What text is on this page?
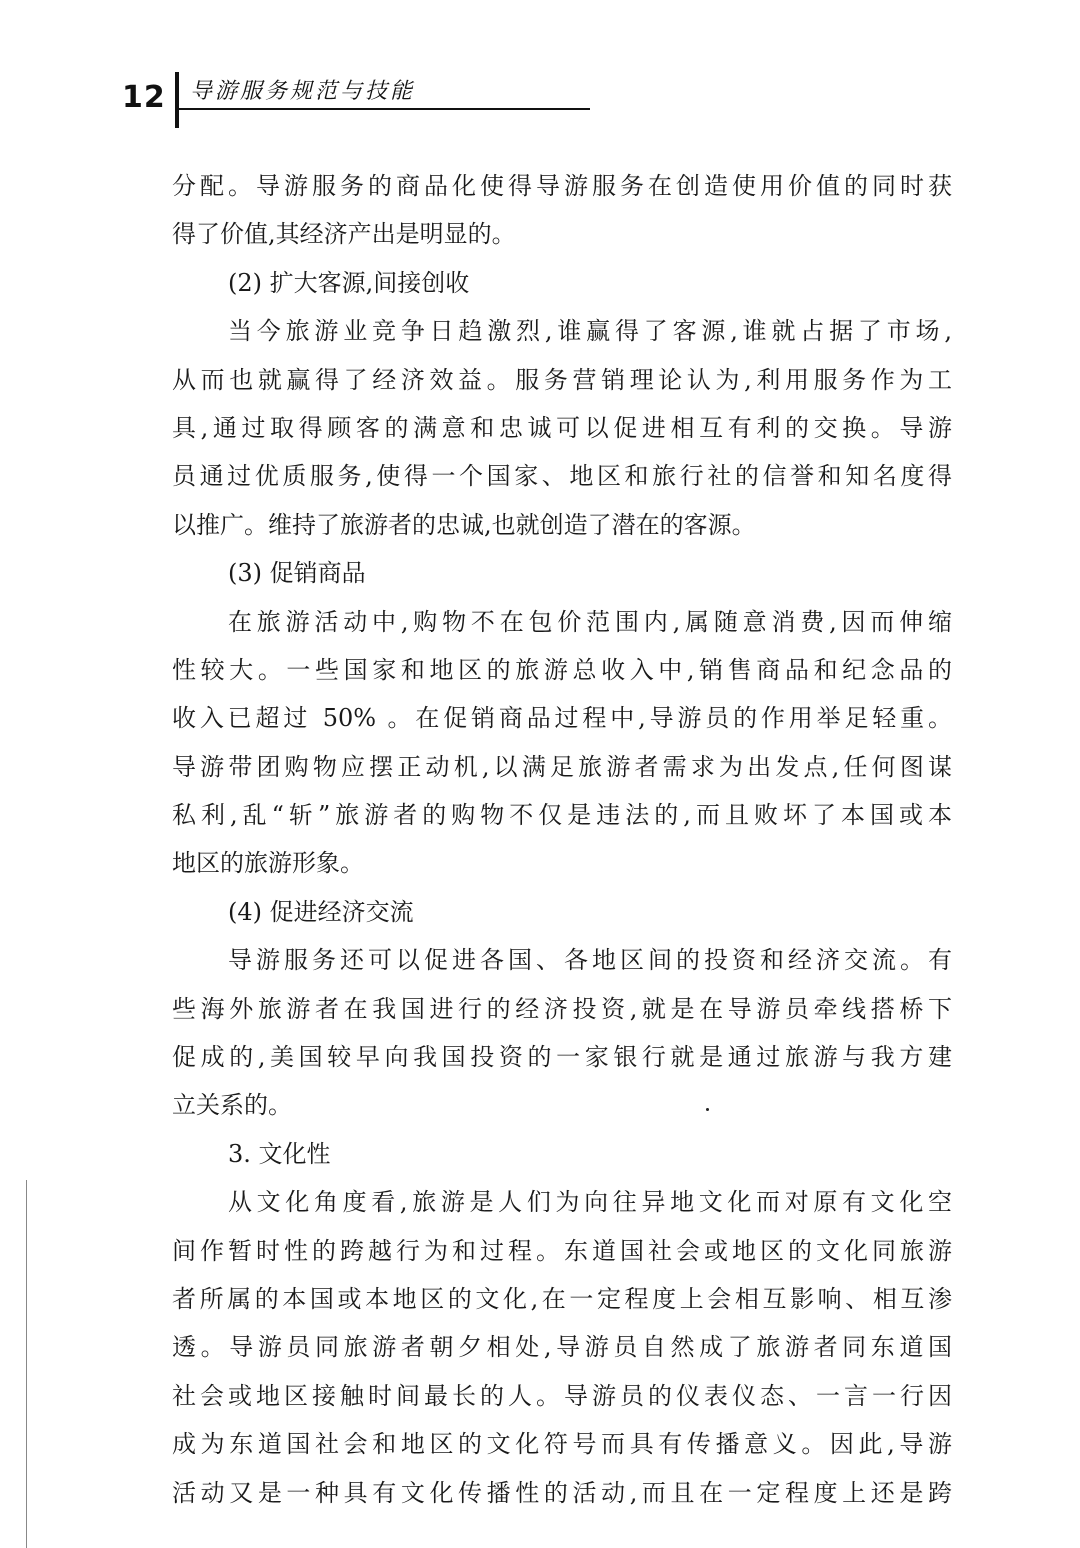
12 导游服务规范与技能
分配。导游服务的商品化使得导游服务在创造使用价值的同时获
得了价值,其经济产出是明显的。
(2) 扩大客源,间接创收
当今旅游业竞争日趋激烈,谁赢得了客源,谁就占据了市场,
从而也就赢得了经济效益。服务营销理论认为,利用服务作为工
具,通过取得顾客的满意和忠诚可以促进相互有利的交换。导游
员通过优质服务,使得一个国家、地区和旅行社的信誉和知名度得
以推广。维持了旅游者的忠诚,也就创造了潜在的客源。
(3) 促销商品
在旅游活动中,购物不在包价范围内,属随意消费,因而伸缩
性较大。一些国家和地区的旅游总收入中,销售商品和纪念品的
收入已超过 50% 。在促销商品过程中,导游员的作用举足轻重。
导游带团购物应摆正动机,以满足旅游者需求为出发点,任何图谋
私利,乱“斩”旅游者的购物不仅是违法的,而且败坏了本国或本
地区的旅游形象。
(4) 促进经济交流
导游服务还可以促进各国、各地区间的投资和经济交流。有
些海外旅游者在我国进行的经济投资,就是在导游员牵线搭桥下
促成的,美国较早向我国投资的一家银行就是通过旅游与我方建
立关系的。
3. 文化性
从文化角度看,旅游是人们为向往异地文化而对原有文化空
间作暂时性的跨越行为和过程。东道国社会或地区的文化同旅游
者所属的本国或本地区的文化,在一定程度上会相互影响、相互渗
透。导游员同旅游者朝夕相处,导游员自然成了旅游者同东道国
社会或地区接触时间最长的人。导游员的仪表仪态、一言一行因
成为东道国社会和地区的文化符号而具有传播意义。因此,导游
活动又是一种具有文化传播性的活动,而且在一定程度上还是跨
